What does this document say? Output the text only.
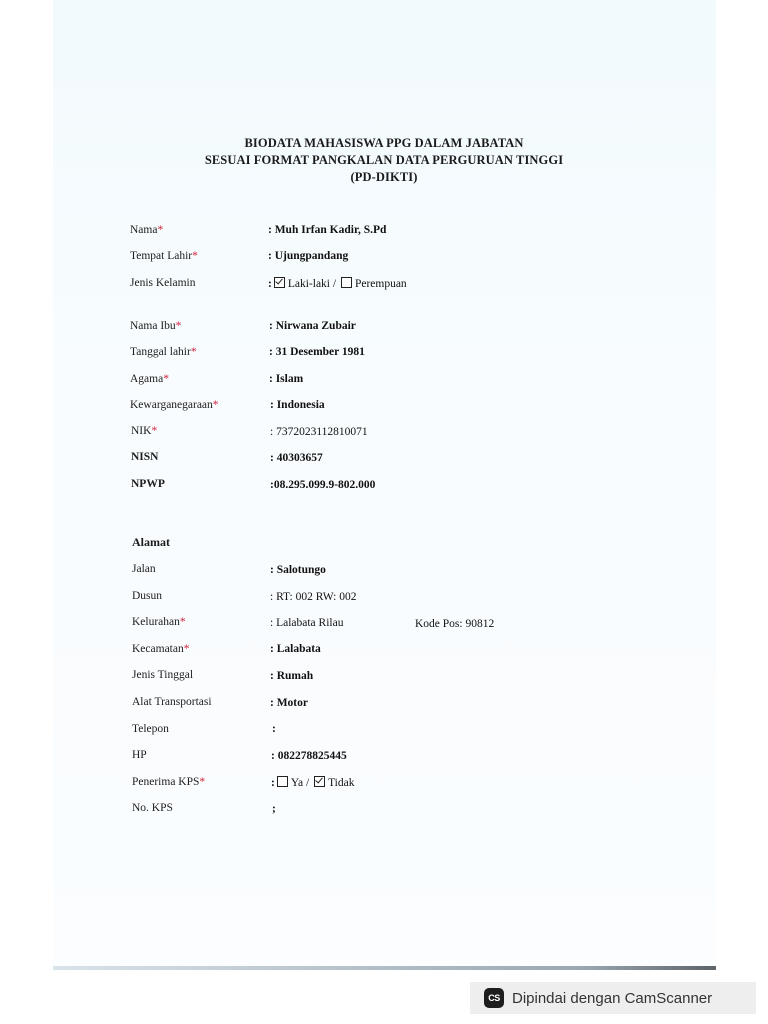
BIODATA MAHASISWA PPG DALAM JABATAN
SESUAI FORMAT PANGKALAN DATA PERGURUAN TINGGI
(PD-DIKTI)
Nama*	: Muh Irfan Kadir, S.Pd
Tempat Lahir*	: Ujungpandang
Jenis Kelamin	: Laki-laki / Perempuan
Nama Ibu*	: Nirwana Zubair
Tanggal lahir*	: 31 Desember 1981
Agama*	: Islam
Kewarganegaraan*	: Indonesia
NIK*	: 7372023112810071
NISN	: 40303657
NPWP	:08.295.099.9-802.000
Alamat
Jalan	: Salotungo
Dusun	: RT: 002 RW: 002
Kelurahan*	: Lalabata Rilau	Kode Pos: 90812
Kecamatan*	: Lalabata
Jenis Tinggal	: Rumah
Alat Transportasi	: Motor
Telepon	:
HP	: 082278825445
Penerima KPS*	: Ya / Tidak
No. KPS	;
CS Dipindai dengan CamScanner
